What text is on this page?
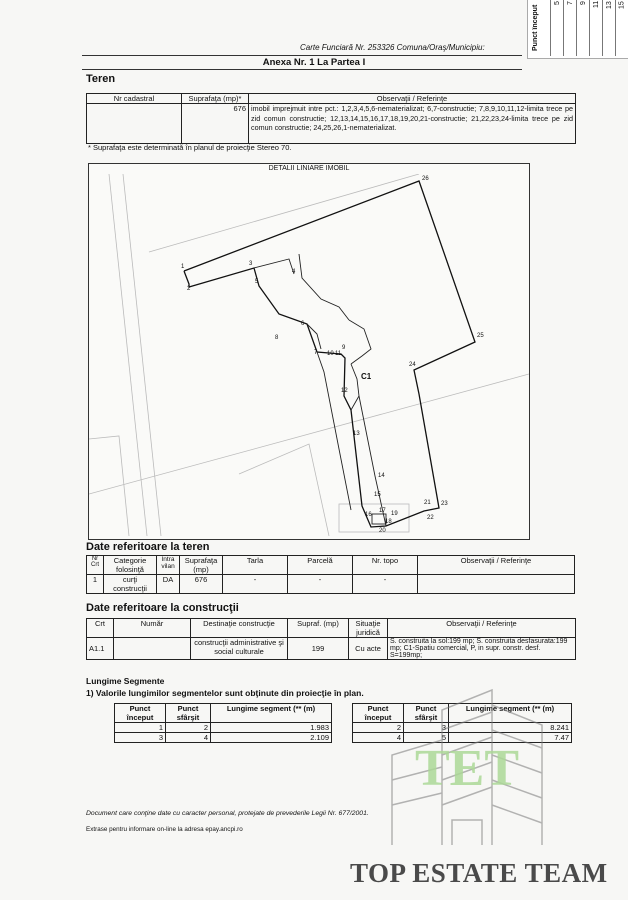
Punct început
5	7	9	11	13	15
Carte Funciară Nr. 253326 Comuna/Oraş/Municipiu:
Anexa Nr. 1 La Partea I
Teren
Nr cadastral	Suprafaţa (mp)*	Observaţii / Referinţe
	676	imobil imprejmuit intre pct.: 1,2,3,4,5,6-nematerializat; 6,7-constructie; 7,8,9,10,11,12-limita trece pe zid comun constructie; 12,13,14,15,16,17,18,19,20,21-constructie; 21,22,23,24-limita trece pe zid comun constructie; 24,25,26,1-nematerializat.
* Suprafaţa este determinată în planul de proiecţie Stereo 70.
DETALII LINIARE IMOBIL
1
2
3
4
5
6
7
8
9
10 11
12
13
14
15
16
17
18
19
20
21
22
23
24
25
26
C1
Date referitoare la teren
Nr Crt	Categorie folosinţă	Intra vilan	Suprafaţa (mp)	Tarla	Parcelă	Nr. topo	Observaţii / Referinţe
1	curţi construcţii	DA	676	-	-	-	
Date referitoare la construcţii
Crt	Număr	Destinaţie construcţie	Supraf. (mp)	Situaţie juridică	Observaţii / Referinţe
A1.1		construcţii administrative şi social culturale	199	Cu acte	S. construita la sol:199 mp; S. construita desfasurata:199 mp; C1-Spatiu comercial, P, in supr. constr. desf. S=199mp;
Lungime Segmente
1) Valorile lungimilor segmentelor sunt obţinute din proiecţie în plan.
Punct început	Punct sfârşit	Lungime segment (** (m)
1	2	1.983
3	4	2.109
Punct început	Punct sfârşit	Lungime segment (** (m)
2	3	8.241
4	5	7.47
Document care conţine date cu caracter personal, protejate de prevederile Legii Nr. 677/2001.
Extrase pentru informare on-line la adresa epay.ancpi.ro
TET
TOP ESTATE TEAM
